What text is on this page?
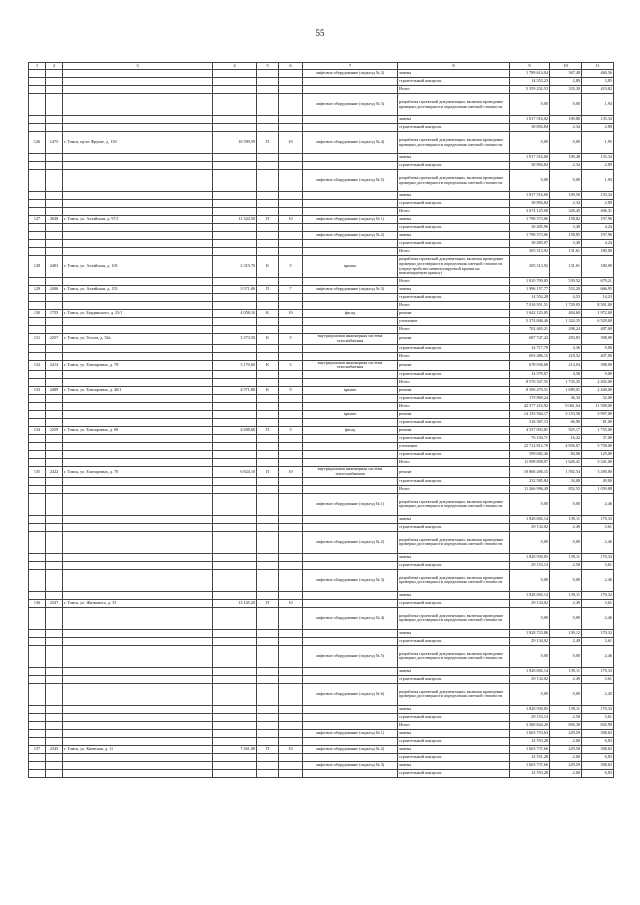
55
1	2	3	4	5	6	7	8	9	10	11
						лифтовое оборудование (подъезд № 2)	замена	1 789 614,04	367,48	460,56
							строительный контроль	14 553,23	2,89	3,85
							Итого	5 359 252,53	335,30	419,82
						лифтовое оборудование (подъезд № 3)	разработка проектной документации, включая проведение проверки достоверности определения сметной стоимости	0,00	0,00	1,94
							замена	1 817 516,02	109,80	135,34
							строительный контроль	38 894,84	2,34	2,89
126	1475	г. Томск, пр-кт Фрунзе, д. 130	16 599,59	П	10	лифтовое оборудование (подъезд № 4)	разработка проектной документации, включая проведение проверки достоверности определения сметной стоимости	0,00	0,00	1,95
							замена	1 817 516,00	109,48	135,34
							строительный контроль	38 894,84	2,34	2,89
						лифтовое оборудование (подъезд № 5)	разработка проектной документации, включая проведение проверки достоверности определения сметной стоимости	0,00	0,00	1,94
							замена	1 817 516,00	109,50	135,34
							строительный контроль	38 894,84	2,34	2,89
							Итого	3 674 125,08	326,45	406,31
127	3048	г. Томск, ул. Алтайская, д. 97/1	11 324,50	П	10	лифтовое оборудование (подъезд № 1)	замена	1 798 573,06	158,82	197,96
							строительный контроль	36 405,96	3,40	4,24
						лифтовое оборудование (подъезд № 2)	замена	1 798 573,06	158,85	197,96
							строительный контроль	38 485,07	3,40	4,24
							Итого	305 313,92	131,61	180,00
128	2403	г. Томск, ул. Алтайская, д. 105	2 319,70	К	5	крыша	разработка проектной документации, включая проведение проверки достоверности определения сметной стоимости (переустройство невентилируемой крыши на вентилируемую крышу)	305 313,92	131,61	180,00
							Итого	1 810 709,05	539,52	679,21
129	2406	г. Томск, ул. Алтайская, д. 155	3 571,00	П	7	лифтовое оборудование (подъезд № 3)	замена	1 996 157,77	533,20	666,95
							строительный контроль	14 552,28	4,53	14,23
							Итого	7 016 951,51	1 729,05	8 501,00
130	1755	г. Томск, ул. Бердинского, д. 23/1	4 058,10	К	10	фасад	ремонт	1 642 125,05	404,68	1 972,00
							утепление	5 374 846,46	1 324,35	6 529,00
							Итого	702 465,21	208,24	407,00
131	2257	г. Томск, ул. Гоголя, д. 54а	3 373,50	К	5	внутридомовая инженерная система газоснабжения	ремонт	687 747,42	203,83	398,00
							строительный контроль	14 717,79	4,36	9,00
							Итого	693 486,15	218,52	407,00
132	2414	г. Томск, ул. Елизаровых, д. 78	3 170,60	К	5	внутридомовая инженерная система газоснабжения	ремонт	678 936,68	214,04	398,00
							строительный контроль	14 579,67	4,58	9,00
							Итого	8 576 347,55	1 735,35	2 492,00
133	2489	г. Томск, ул. Елизаровых, д. 48/1	4 971,80	К	9	крыша	ремонт	8 396 470,51	1 689,01	2 440,00
							строительный контроль	179 869,24	36,34	52,00
							Итого	42 577 216,92	9 061,64	11 509,00
						крыша	ремонт	14 135 564,17	3 153,58	3 997,00
							строительный контроль	316 367,13	66,90	81,00
134	2259	г. Томск, ул. Елизаровых, д. 68	4 698,60	П	5	фасад	ремонт	4 537 093,81	925,17	1 755,00
							строительный контроль	76 194,71	16,22	37,00
							утепление	22 712 812,70	4 836,67	5 758,00
							строительный контроль	399 682,46	84,00	125,00
							Итого	11 098 858,97	1 626,41	3 341,00
135	2422	г. Томск, ул. Елизаровых, д. 70	6 824,10	П	10	внутридомовая инженерная система теплоснабжения	ремонт	10 866 266,15	1 592,54	3 290,00
							строительный контроль	232 585,84	34,08	49,00
							Итого	11 266 996,49	852,55	1 059,88
						лифтовое оборудование (подъезд № 1)	разработка проектной документации, включая проведение проверки достоверности определения сметной стоимости	0,00	0,00	2,46
							замена	1 828 692,14	139,11	170,33
							строительный контроль	29 134,02	2,49	3,61
						лифтовое оборудование (подъезд № 2)	разработка проектной документации, включая проведение проверки достоверности определения сметной стоимости	0,00	0,00	2,46
							замена	1 828 930,05	139,11	170,33
							строительный контроль	29 153,13	2,58	3,61
						лифтовое оборудование (подъезд № 3)	разработка проектной документации, включая проведение проверки достоверности определения сметной стоимости	0,00	0,00	2,46
							замена	1 828 692,14	139,11	170,32
136	2347	г. Томск, ул. Житкового, д. 35	13 145,20	П	10		строительный контроль	29 134,02	2,49	3,61
						лифтовое оборудование (подъезд № 4)	разработка проектной документации, включая проведение проверки достоверности определения сметной стоимости	0,00	0,00	2,46
							замена	1 828 723,86	139,12	170,32
							строительный контроль	29 134,02	2,49	3,61
						лифтовое оборудование (подъезд № 5)	разработка проектной документации, включая проведение проверки достоверности определения сметной стоимости	0,00	0,00	2,46
							замена	1 828 692,14	139,11	170,33
							строительный контроль	29 134,02	2,49	3,61
						лифтовое оборудование (подъезд № 6)	разработка проектной документации, включая проведение проверки достоверности определения сметной стоимости	0,00	0,00	2,45
							замена	1 828 930,05	139,11	170,33
							строительный контроль	29 153,13	2,58	3,61
							Итого	3 360 844,20	694,38	845,90
						лифтовое оборудование (подъезд № 1)	замена	1 665 753,63	229,59	308,63
							строительный контроль	14 553,28	2,00	6,83
137	2345	г. Томск, ул. Киевская, д. 11	7 261,00	П	10	лифтовое оборудование (подъезд № 2)	замена	1 665 737,66	229,58	308,63
							строительный контроль	14 551,28	2,00	6,83
						лифтовое оборудование (подъезд № 3)	замена	1 665 737,66	229,59	308,63
							строительный контроль	14 553,28	2,00	6,83
